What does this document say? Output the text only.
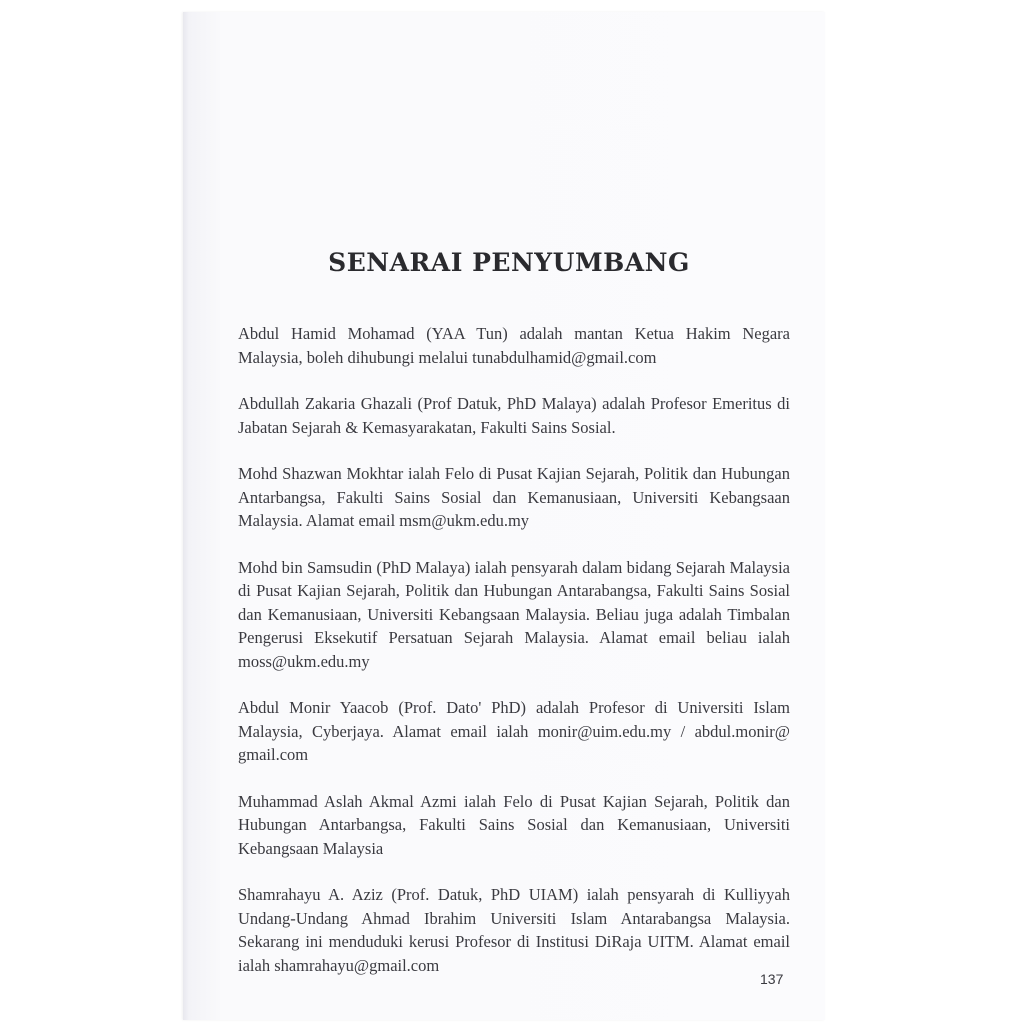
SENARAI PENYUMBANG

Abdul Hamid Mohamad (YAA Tun) adalah mantan Ketua Hakim Negara Malaysia, boleh dihubungi melalui tunabdulhamid@gmail.com

Abdullah Zakaria Ghazali (Prof Datuk, PhD Malaya) adalah Profesor Emeritus di Jabatan Sejarah & Kemasyarakatan, Fakulti Sains Sosial.

Mohd Shazwan Mokhtar ialah Felo di Pusat Kajian Sejarah, Politik dan Hubungan Antarbangsa, Fakulti Sains Sosial dan Kemanusiaan, Universiti Kebangsaan Malaysia. Alamat email msm@ukm.edu.my

Mohd bin Samsudin (PhD Malaya) ialah pensyarah dalam bidang Sejarah Malaysia di Pusat Kajian Sejarah, Politik dan Hubungan Antarabangsa, Fakulti Sains Sosial dan Kemanusiaan, Universiti Kebangsaan Malaysia. Beliau juga adalah Timbalan Pengerusi Eksekutif Persatuan Sejarah Malaysia. Alamat email beliau ialah moss@ukm.edu.my

Abdul Monir Yaacob (Prof. Dato' PhD) adalah Profesor di Universiti Islam Malaysia, Cyberjaya. Alamat email ialah monir@uim.edu.my / abdul.monir@ gmail.com

Muhammad Aslah Akmal Azmi ialah Felo di Pusat Kajian Sejarah, Politik dan Hubungan Antarbangsa, Fakulti Sains Sosial dan Kemanusiaan, Universiti Kebangsaan Malaysia

Shamrahayu A. Aziz (Prof. Datuk, PhD UIAM) ialah pensyarah di Kulliyyah Undang-Undang Ahmad Ibrahim Universiti Islam Antarabangsa Malaysia. Sekarang ini menduduki kerusi Profesor di Institusi DiRaja UITM. Alamat email ialah shamrahayu@gmail.com

137
